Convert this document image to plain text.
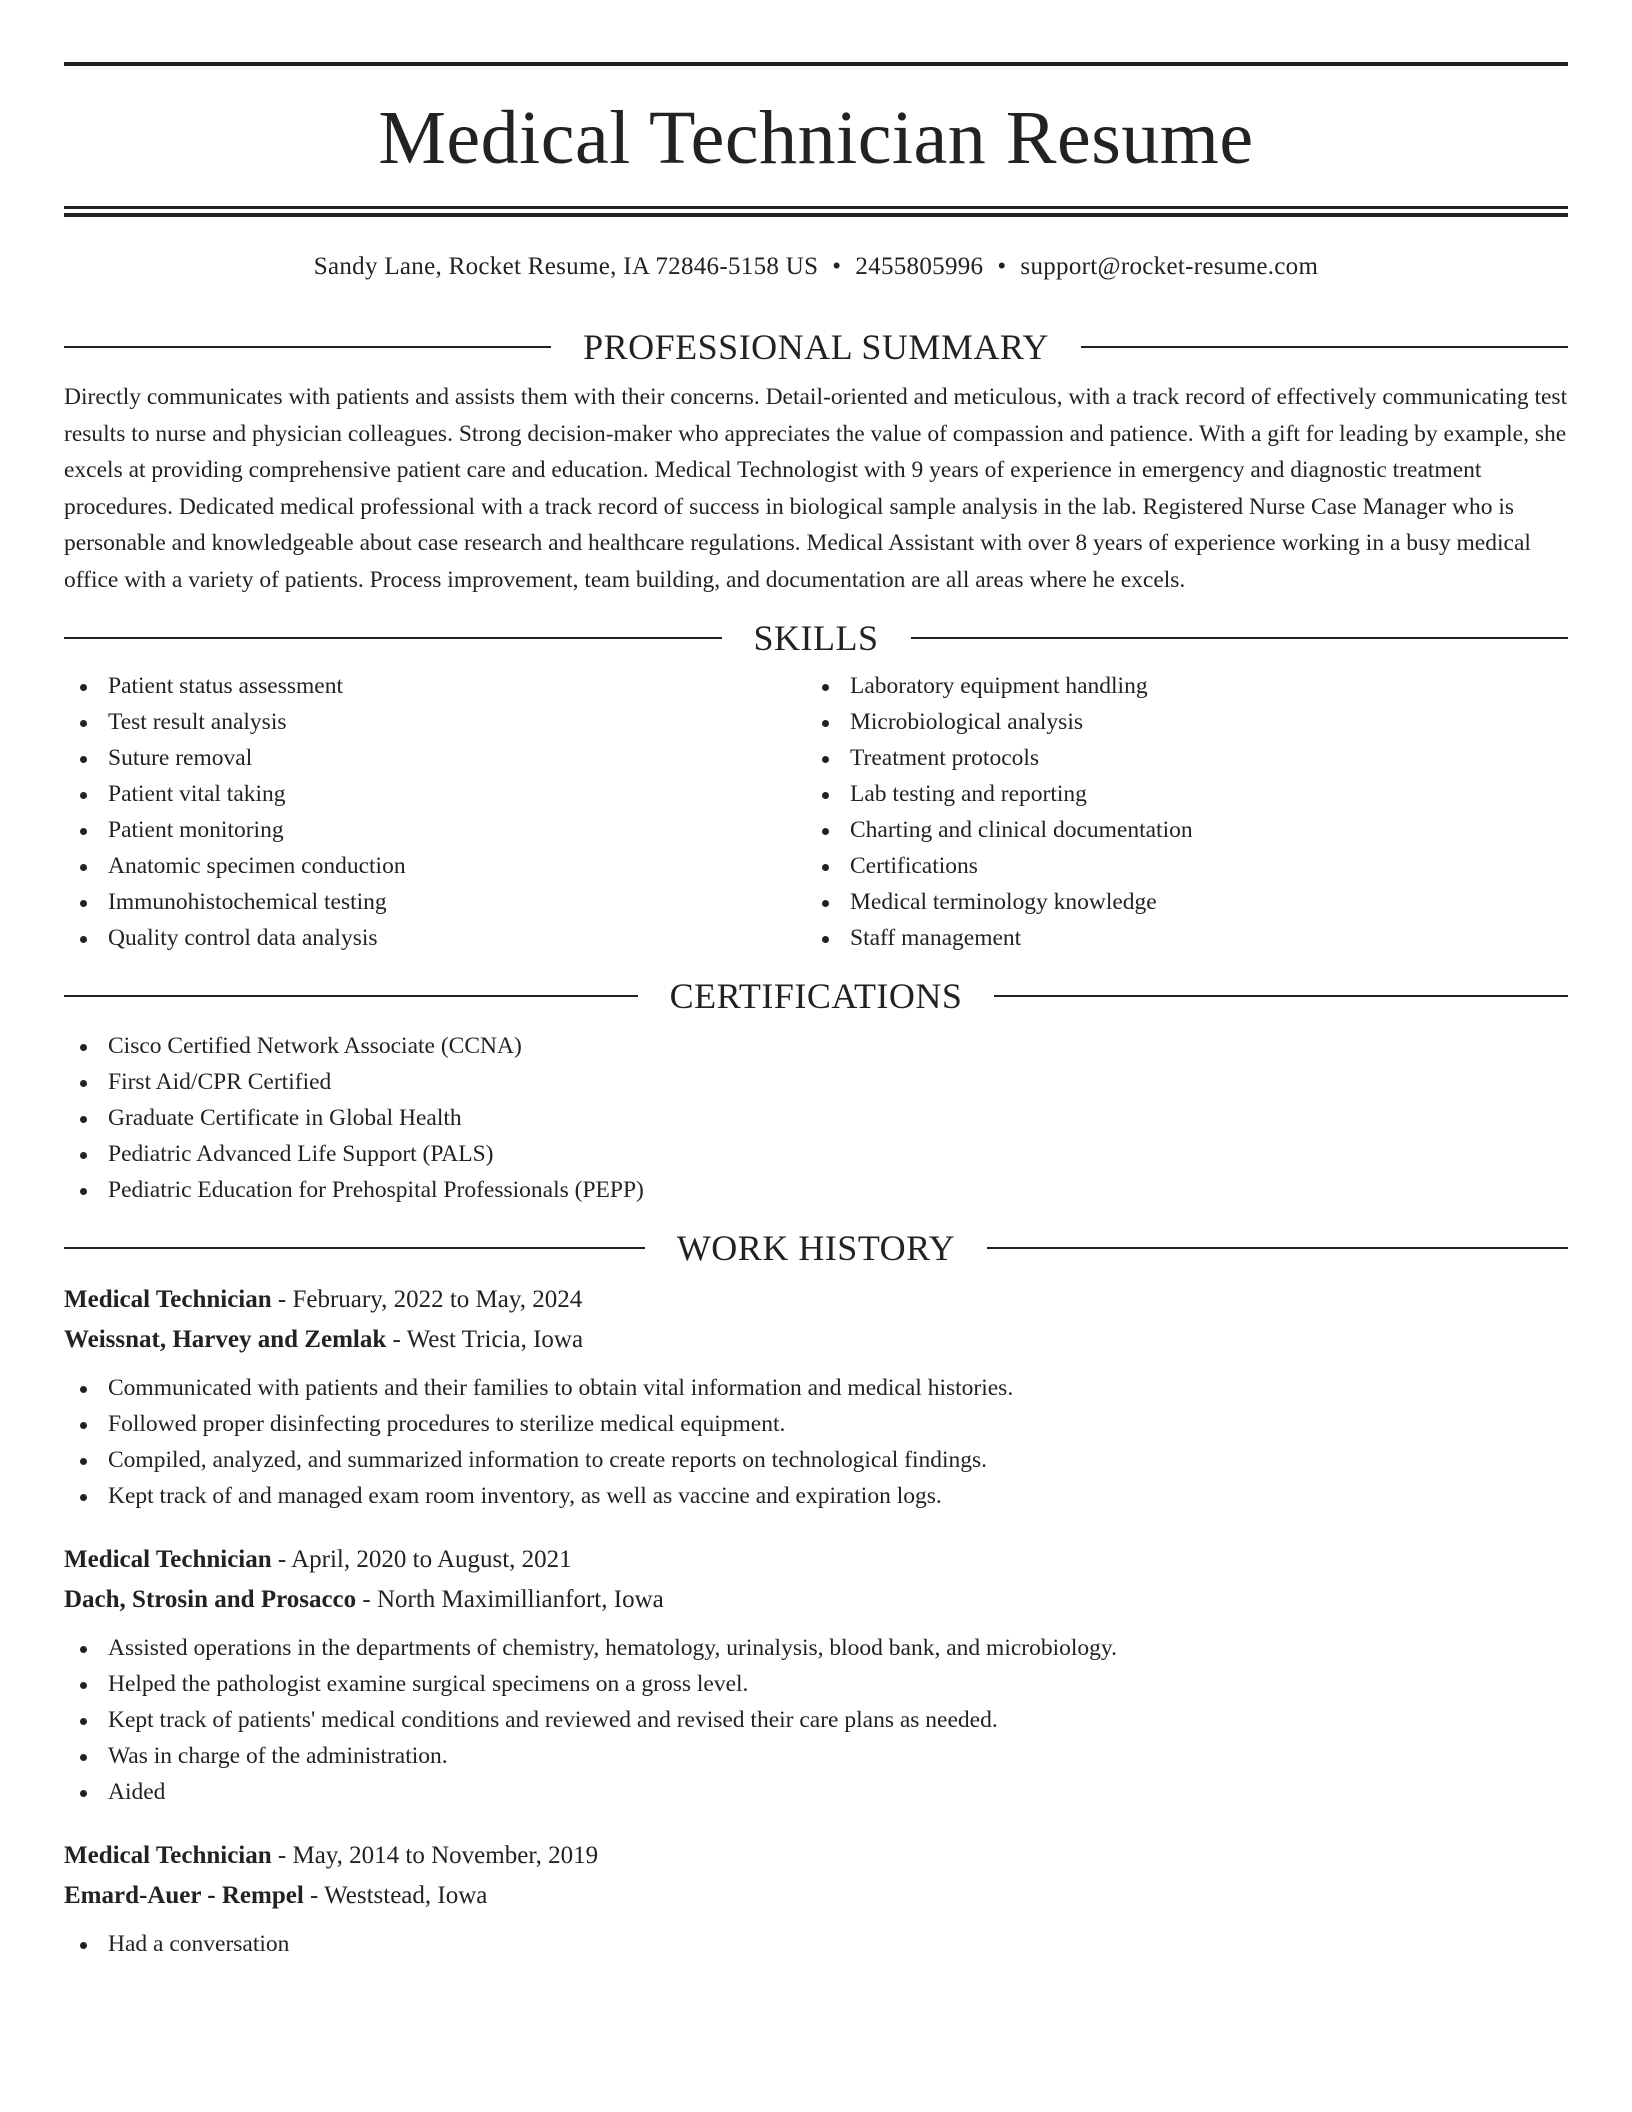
Medical Technician Resume
Sandy Lane, Rocket Resume, IA 72846-5158 US • 2455805996 • support@rocket-resume.com
PROFESSIONAL SUMMARY

Directly communicates with patients and assists them with their concerns. Detail-oriented and meticulous, with a track record of effectively communicating test results to nurse and physician colleagues. Strong decision-maker who appreciates the value of compassion and patience. With a gift for leading by example, she excels at providing comprehensive patient care and education. Medical Technologist with 9 years of experience in emergency and diagnostic treatment procedures. Dedicated medical professional with a track record of success in biological sample analysis in the lab. Registered Nurse Case Manager who is personable and knowledgeable about case research and healthcare regulations. Medical Assistant with over 8 years of experience working in a busy medical office with a variety of patients. Process improvement, team building, and documentation are all areas where he excels.

SKILLS
Patient status assessment
Test result analysis
Suture removal
Patient vital taking
Patient monitoring
Anatomic specimen conduction
Immunohistochemical testing
Quality control data analysis
Laboratory equipment handling
Microbiological analysis
Treatment protocols
Lab testing and reporting
Charting and clinical documentation
Certifications
Medical terminology knowledge
Staff management
CERTIFICATIONS
Cisco Certified Network Associate (CCNA)
First Aid/CPR Certified
Graduate Certificate in Global Health
Pediatric Advanced Life Support (PALS)
Pediatric Education for Prehospital Professionals (PEPP)
WORK HISTORY
Medical Technician - February, 2022 to May, 2024
Weissnat, Harvey and Zemlak - West Tricia, Iowa
Communicated with patients and their families to obtain vital information and medical histories.
Followed proper disinfecting procedures to sterilize medical equipment.
Compiled, analyzed, and summarized information to create reports on technological findings.
Kept track of and managed exam room inventory, as well as vaccine and expiration logs.
Medical Technician - April, 2020 to August, 2021
Dach, Strosin and Prosacco - North Maximillianfort, Iowa
Assisted operations in the departments of chemistry, hematology, urinalysis, blood bank, and microbiology.
Helped the pathologist examine surgical specimens on a gross level.
Kept track of patients' medical conditions and reviewed and revised their care plans as needed.
Was in charge of the administration.
Aided
Medical Technician - May, 2014 to November, 2019
Emard-Auer - Rempel - Weststead, Iowa
Had a conversation
